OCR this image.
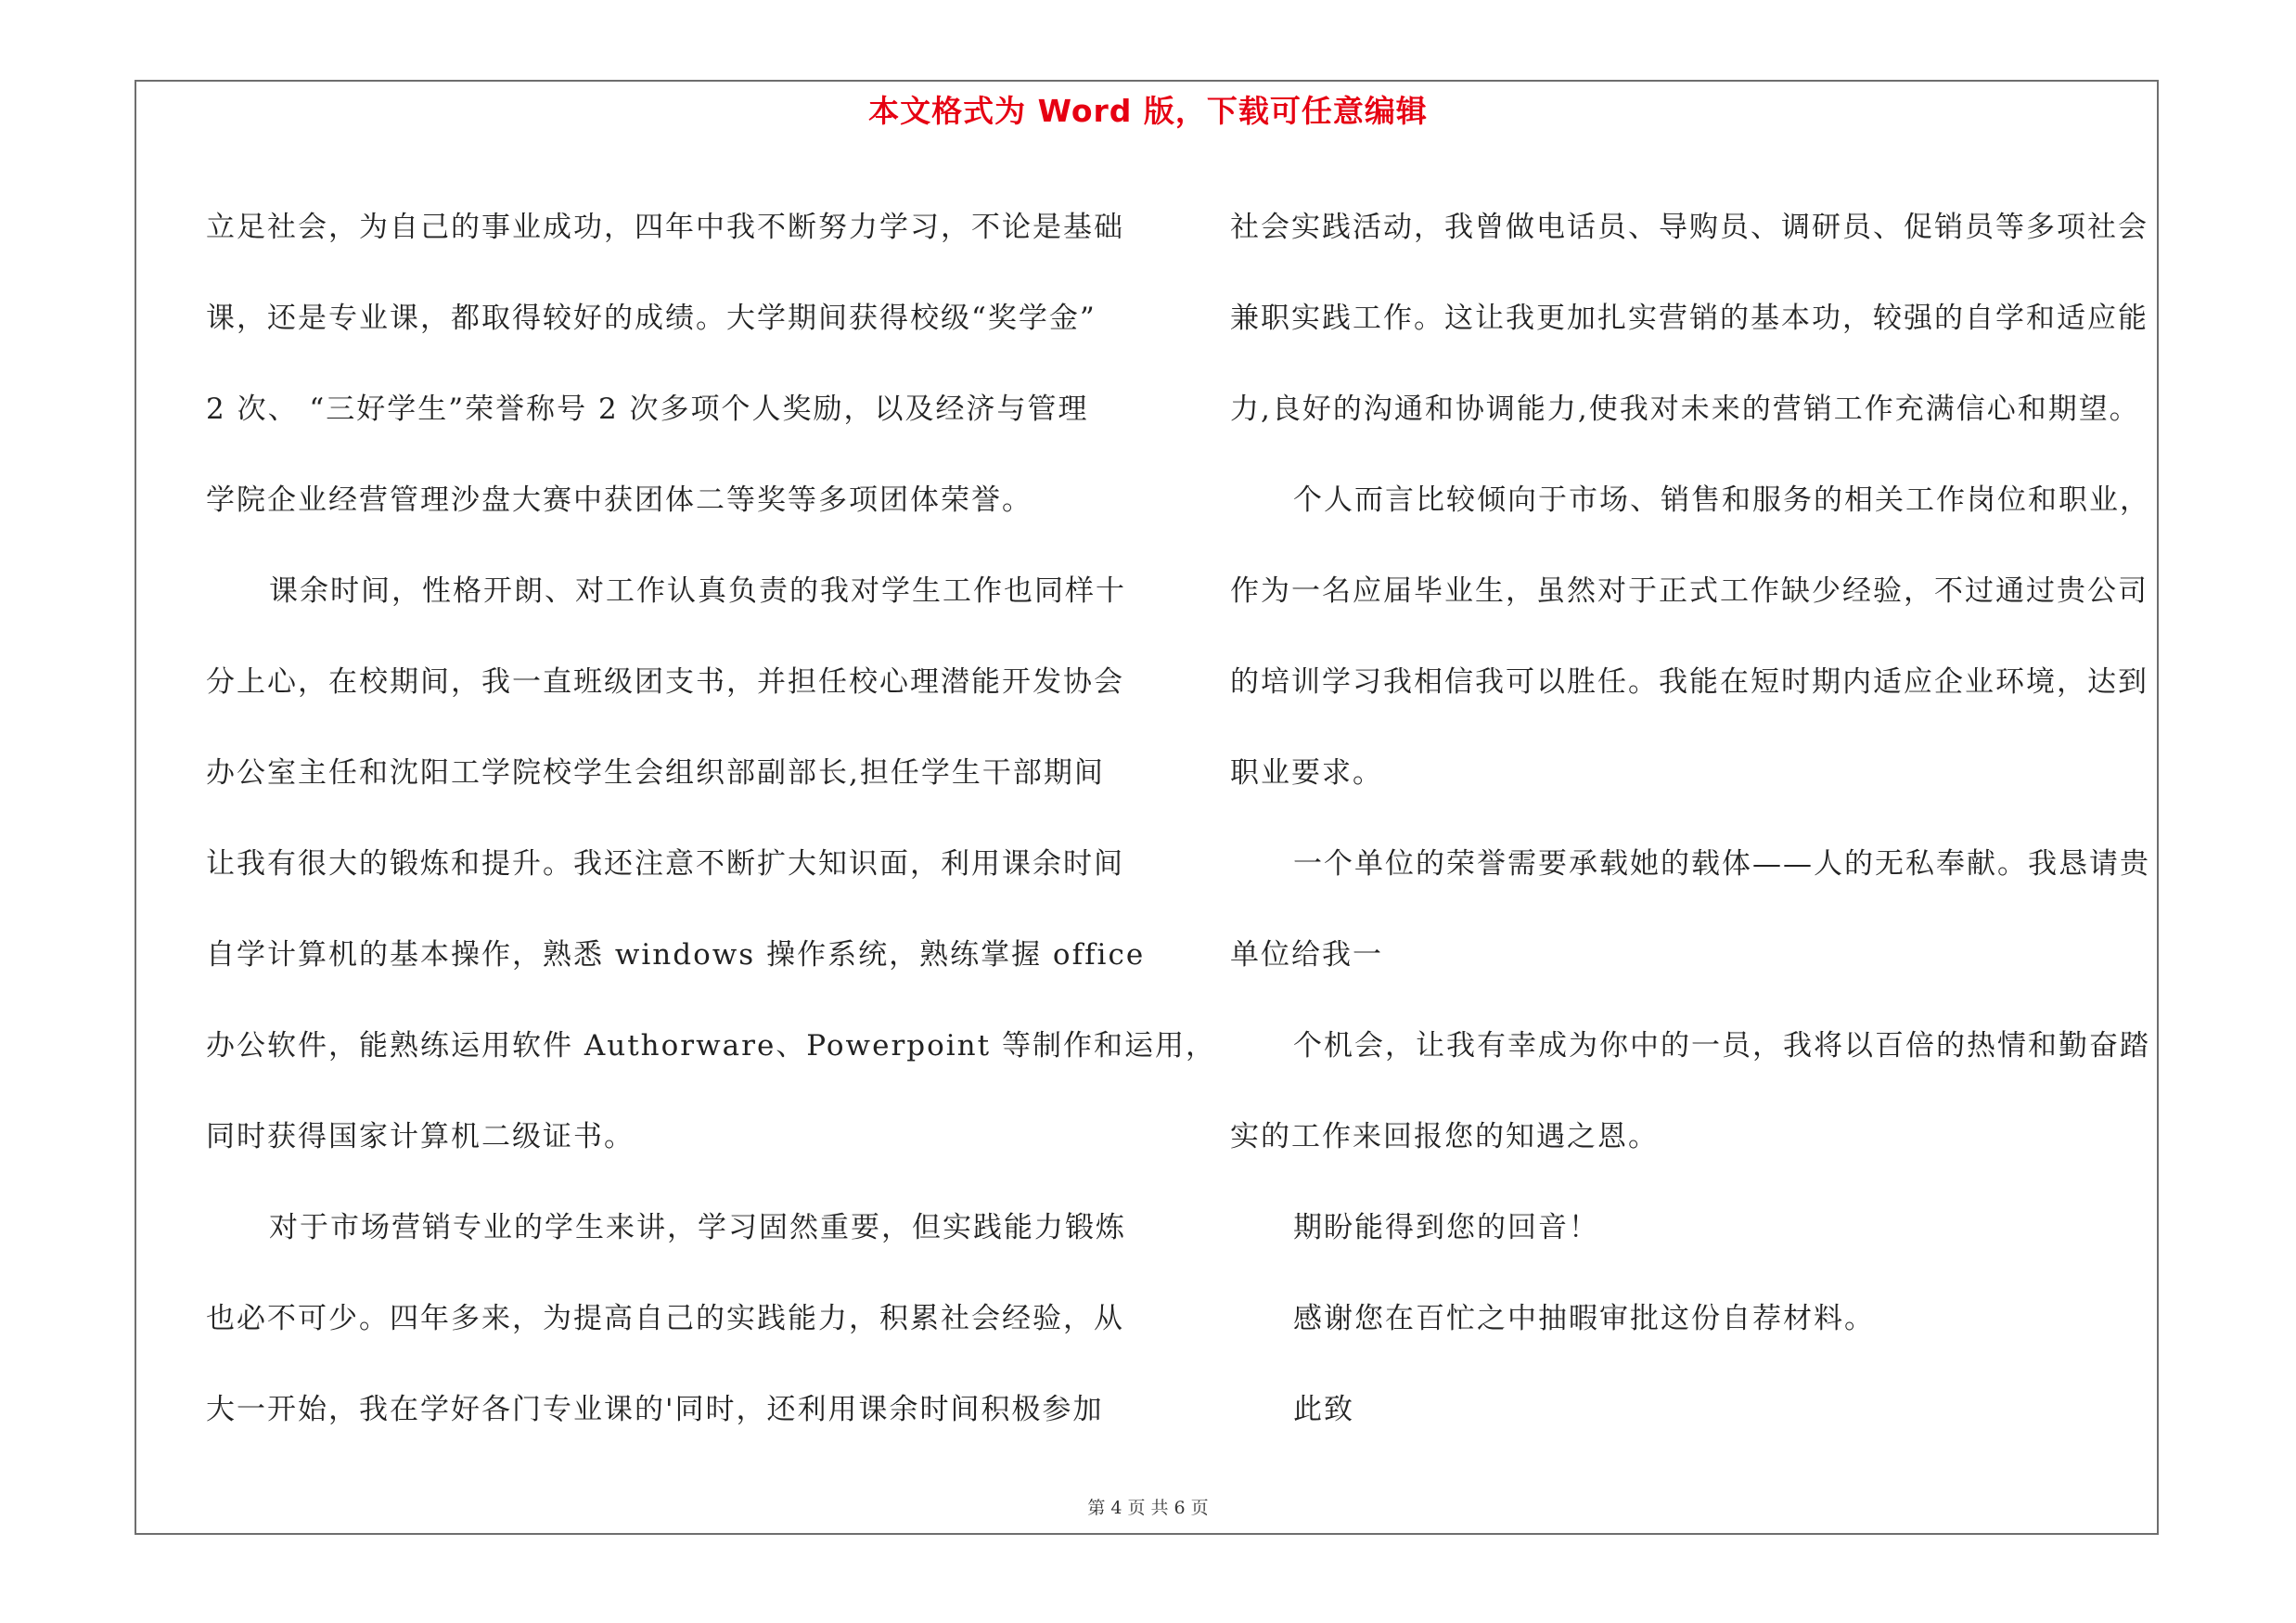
本文格式为 Word 版，下载可任意编辑
立足社会，为自己的事业成功，四年中我不断努力学习，不论是基础
课，还是专业课，都取得较好的成绩。大学期间获得校级“奖学金”
2 次、 “三好学生”荣誉称号 2 次多项个人奖励，以及经济与管理
学院企业经营管理沙盘大赛中获团体二等奖等多项团体荣誉。
课余时间，性格开朗、对工作认真负责的我对学生工作也同样十
分上心，在校期间，我一直班级团支书，并担任校心理潜能开发协会
办公室主任和沈阳工学院校学生会组织部副部长,担任学生干部期间
让我有很大的锻炼和提升。我还注意不断扩大知识面，利用课余时间
自学计算机的基本操作，熟悉 windows 操作系统，熟练掌握 office
办公软件，能熟练运用软件 Authorware、Powerpoint 等制作和运用，
同时获得国家计算机二级证书。
对于市场营销专业的学生来讲，学习固然重要，但实践能力锻炼
也必不可少。四年多来，为提高自己的实践能力，积累社会经验，从
大一开始，我在学好各门专业课的'同时，还利用课余时间积极参加
社会实践活动，我曾做电话员、导购员、调研员、促销员等多项社会
兼职实践工作。这让我更加扎实营销的基本功，较强的自学和适应能
力,良好的沟通和协调能力,使我对未来的营销工作充满信心和期望。
个人而言比较倾向于市场、销售和服务的相关工作岗位和职业，
作为一名应届毕业生，虽然对于正式工作缺少经验，不过通过贵公司
的培训学习我相信我可以胜任。我能在短时期内适应企业环境，达到
职业要求。
一个单位的荣誉需要承载她的载体——人的无私奉献。我恳请贵
单位给我一
个机会，让我有幸成为你中的一员，我将以百倍的热情和勤奋踏
实的工作来回报您的知遇之恩。
期盼能得到您的回音！
感谢您在百忙之中抽暇审批这份自荐材料。
此致
第 4 页 共 6 页
